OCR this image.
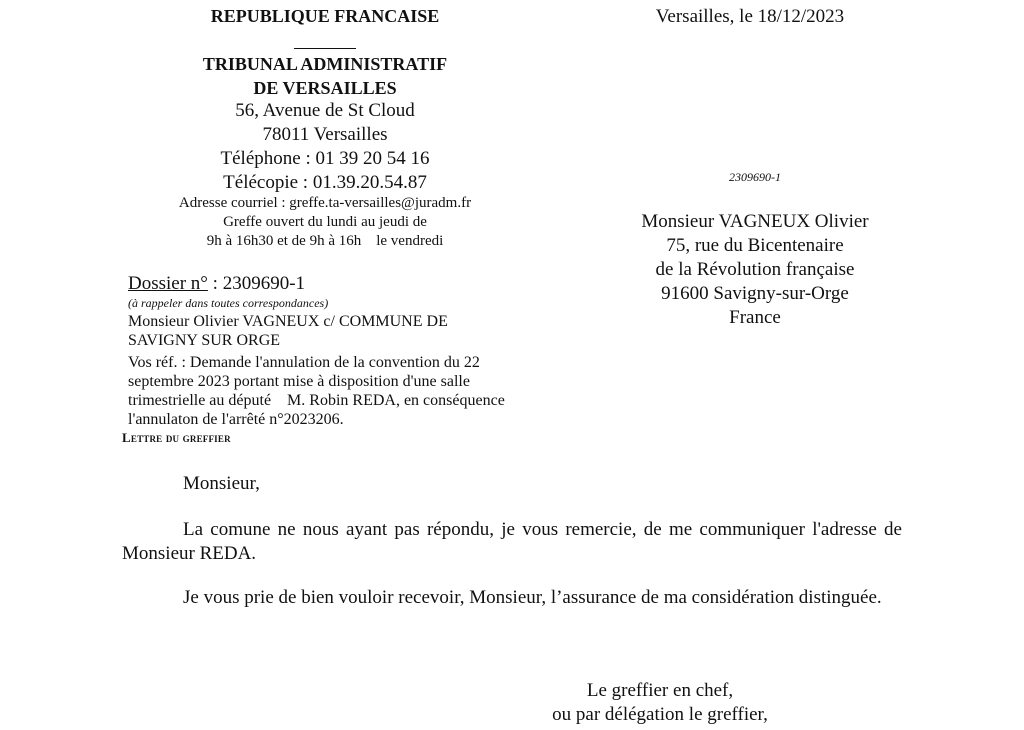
REPUBLIQUE FRANCAISE
TRIBUNAL ADMINISTRATIF
DE VERSAILLES
56, Avenue de St Cloud
78011 Versailles
Téléphone : 01 39 20 54 16
Télécopie : 01.39.20.54.87
Adresse courriel : greffe.ta-versailles@juradm.fr
Greffe ouvert du lundi au jeudi de
9h à 16h30 et de 9h à 16h    le vendredi
Dossier n° : 2309690-1
(à rappeler dans toutes correspondances)
Monsieur Olivier VAGNEUX c/ COMMUNE DE SAVIGNY SUR ORGE
Vos réf. : Demande l'annulation de la convention du 22 septembre 2023 portant mise à disposition d'une salle trimestrielle au député    M. Robin REDA, en conséquence l'annulaton de l'arrêté n°2023206.
Lettre du greffier
Versailles, le 18/12/2023
2309690-1
Monsieur VAGNEUX Olivier
75, rue du Bicentenaire
de la Révolution française
91600 Savigny-sur-Orge
France
Monsieur,
La comune ne nous ayant pas répondu, je vous remercie, de me communiquer l'adresse de Monsieur REDA.
Je vous prie de bien vouloir recevoir, Monsieur, l’assurance de ma considération distinguée.
Le greffier en chef,
ou par délégation le greffier,
